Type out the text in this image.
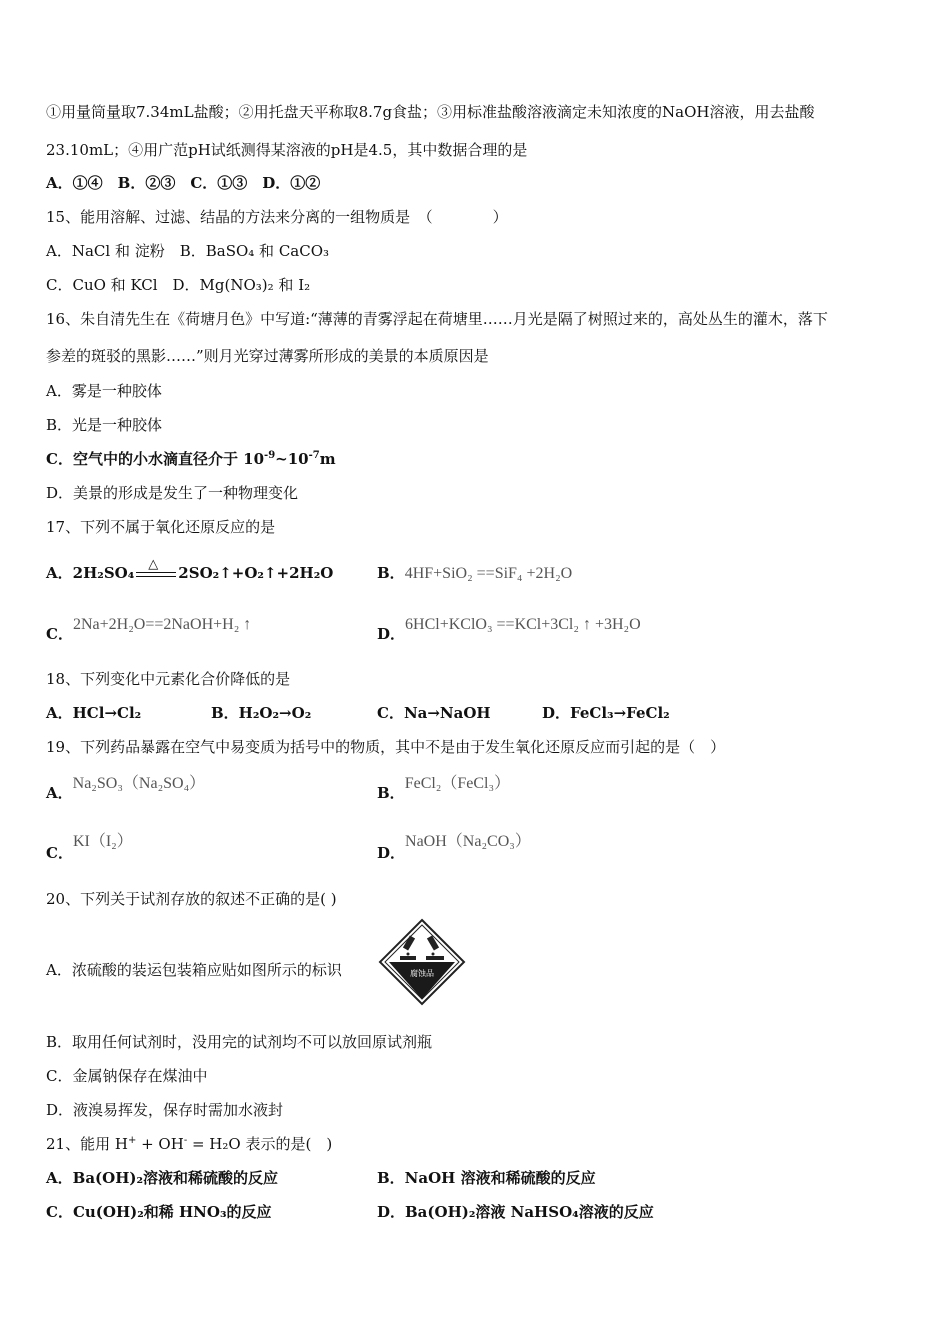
①用量筒量取7.34mL盐酸；②用托盘天平称取8.7g食盐；③用标准盐酸溶液滴定未知浓度的NaOH溶液，用去盐酸
23.10mL；④用广范pH试纸测得某溶液的pH是4.5，其中数据合理的是
A．①④　B．②③　C．①③　D．①②
15、能用溶解、过滤、结晶的方法来分离的一组物质是　（　　　　）
A．NaCl 和 淀粉　B．BaSO₄ 和 CaCO₃
C．CuO 和 KCl　D．Mg(NO₃)₂ 和 I₂
16、朱自清先生在《荷塘月色》中写道:“薄薄的青雾浮起在荷塘里……月光是隔了树照过来的，高处丛生的灌木，落下
参差的斑驳的黑影……”则月光穿过薄雾所形成的美景的本质原因是
A．雾是一种胶体
B．光是一种胶体
C．空气中的小水滴直径介于 $10^{-9}\sim 10^{-7}m$
D．美景的形成是发生了一种物理变化
17、下列不属于氧化还原反应的是
A．2H₂SO₄ △ 2SO₂↑+O₂↑+2H₂O	B．4HF+SiO₂ ==SiF₄ +2H₂O
C．2Na+2H₂O==2NaOH+H₂ ↑
D．6HCl+KClO₃ ==KCl+3Cl₂ ↑ +3H₂O
18、下列变化中元素化合价降低的是
A．HCl→Cl₂	B．H₂O₂→O₂	C．Na→NaOH	D．FeCl₃→FeCl₂
19、下列药品暴露在空气中易变质为括号中的物质，其中不是由于发生氧化还原反应而引起的是（　）
A．Na₂SO₃（Na₂SO₄）
B．FeCl₂（FeCl₃）
C．KI（I₂）
D．NaOH（Na₂CO₃）
20、下列关于试剂存放的叙述不正确的是( )
A．浓硫酸的装运包装箱应贴如图所示的标识	腐蚀品
B．取用任何试剂时，没用完的试剂均不可以放回原试剂瓶
C．金属钠保存在煤油中
D．液溴易挥发，保存时需加水液封
21、能用 H+ + OH- = H₂O 表示的是(　)
A．Ba(OH)₂溶液和稀硫酸的反应	B．NaOH 溶液和稀硫酸的反应
C．Cu(OH)₂和稀 HNO₃的反应	D．Ba(OH)₂溶液 NaHSO₄溶液的反应
